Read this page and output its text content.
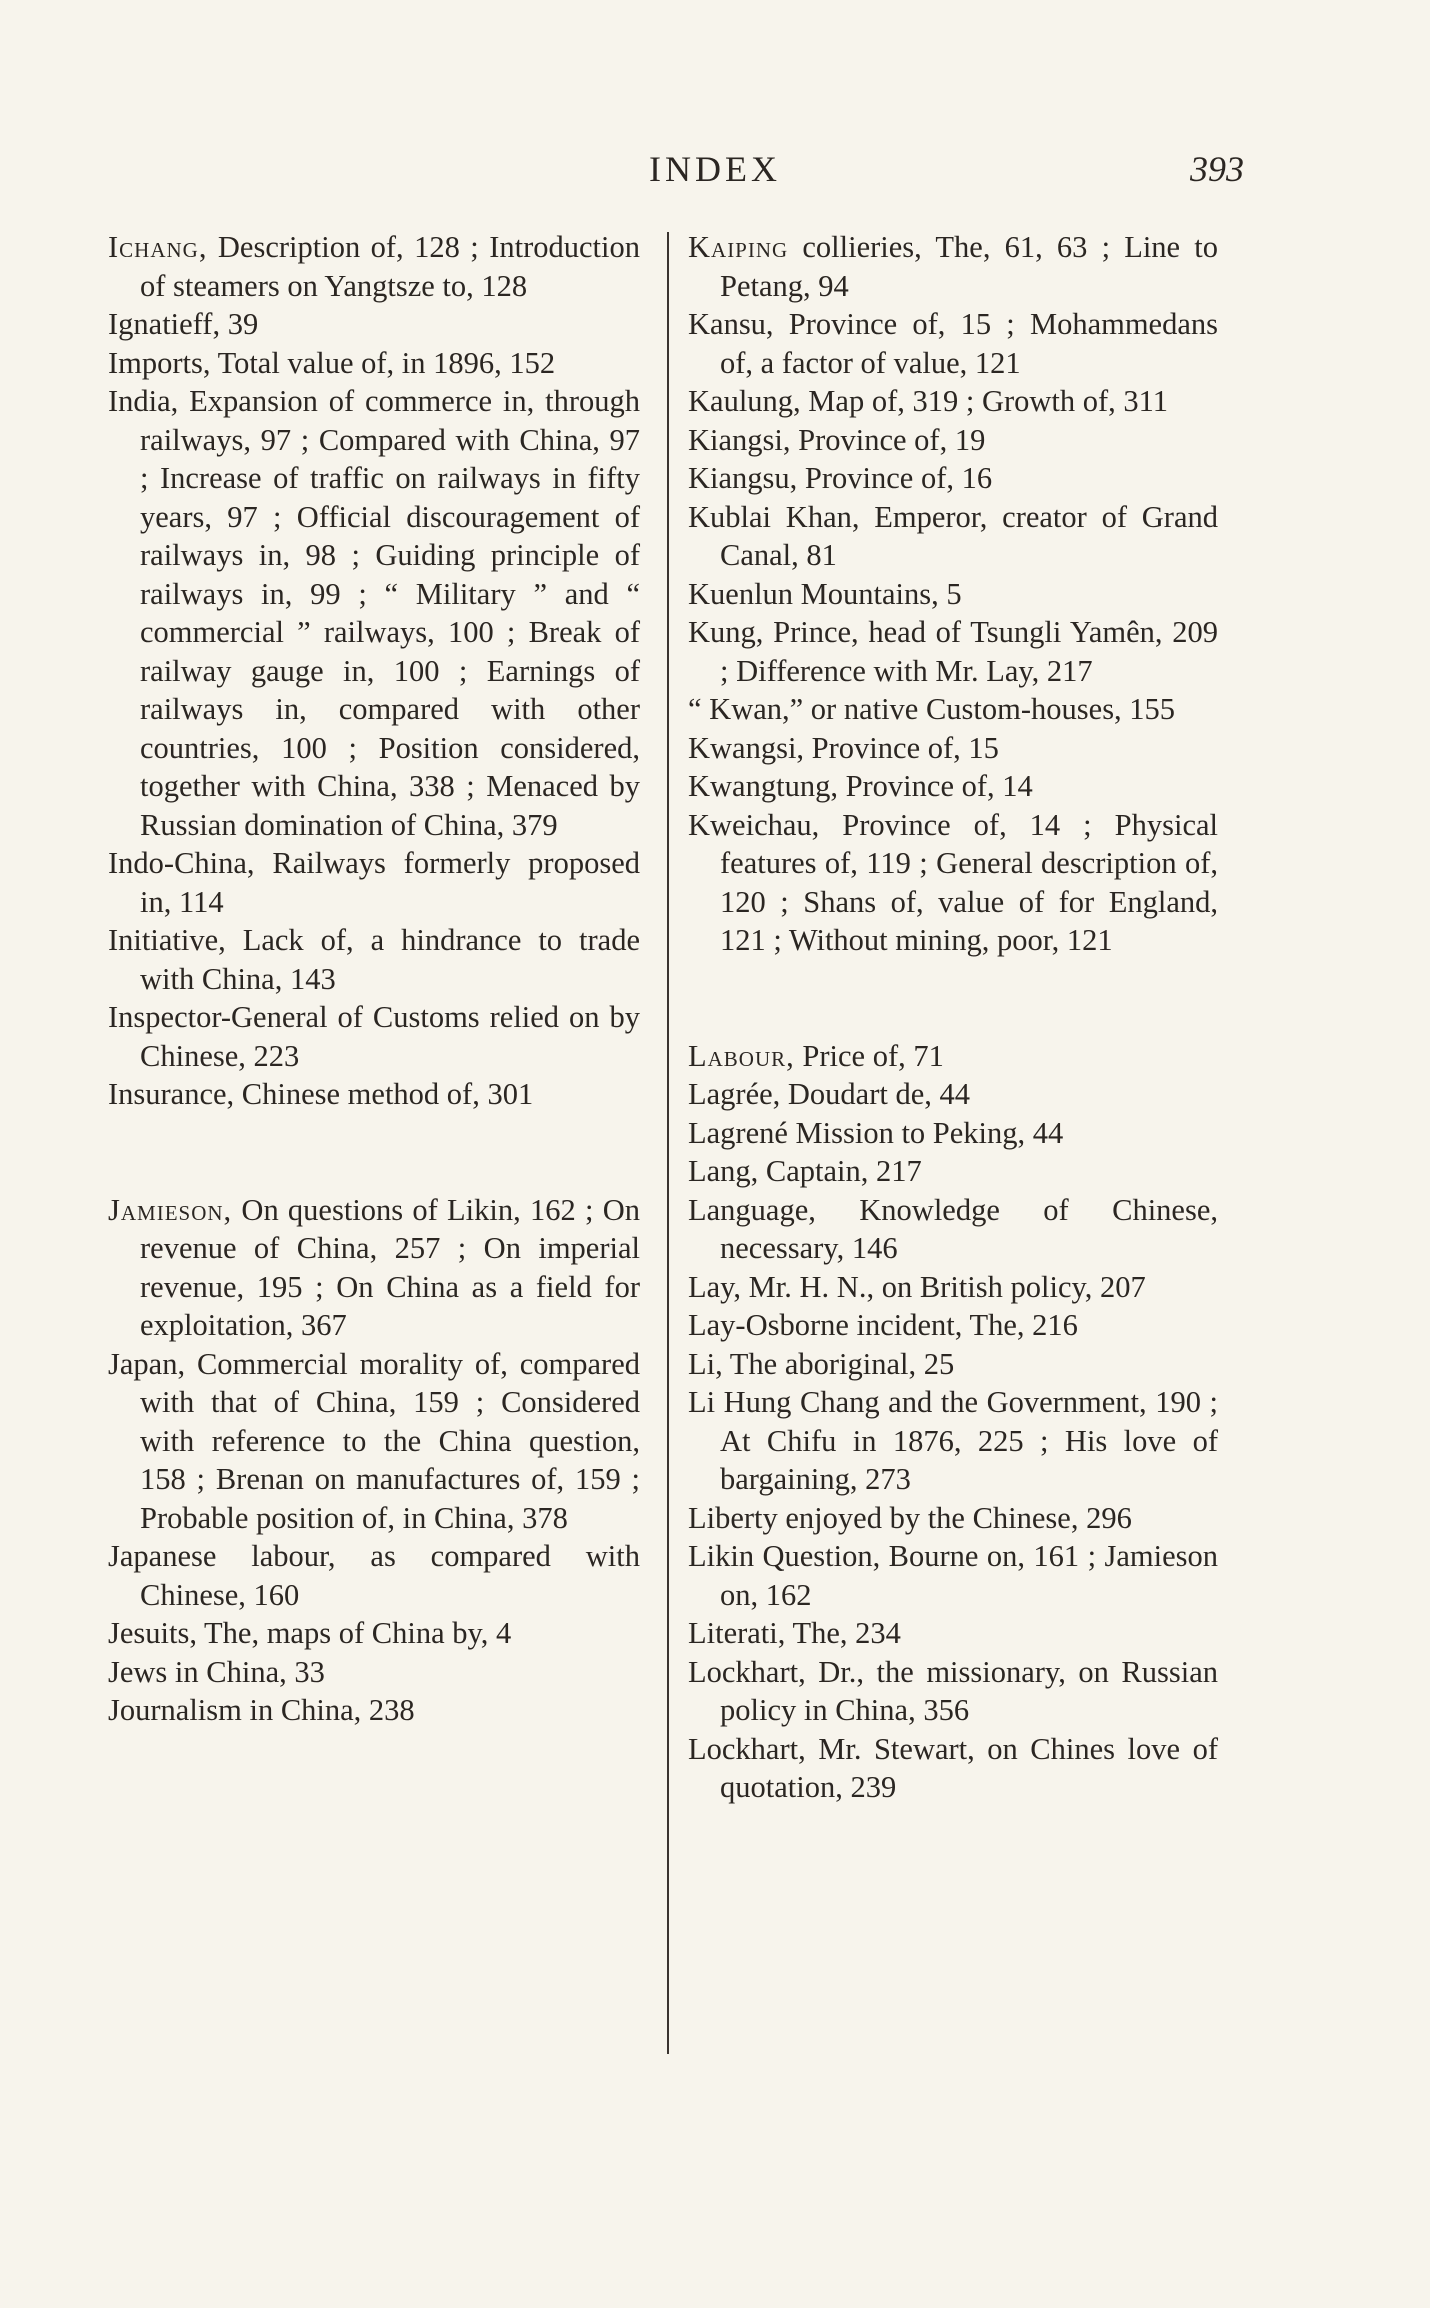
INDEX	393
Ichang, Description of, 128 ; Introduction of steamers on Yangtsze to, 128
Ignatieff, 39
Imports, Total value of, in 1896, 152
India, Expansion of commerce in, through railways, 97 ; Compared with China, 97 ; Increase of traffic on railways in fifty years, 97 ; Official discouragement of railways in, 98 ; Guiding principle of railways in, 99 ; “ Military ” and “ commercial ” railways, 100 ; Break of railway gauge in, 100 ; Earnings of railways in, compared with other countries, 100 ; Position considered, together with China, 338 ; Menaced by Russian domination of China, 379
Indo-China, Railways formerly proposed in, 114
Initiative, Lack of, a hindrance to trade with China, 143
Inspector-General of Customs relied on by Chinese, 223
Insurance, Chinese method of, 301
Jamieson, On questions of Likin, 162 ; On revenue of China, 257 ; On imperial revenue, 195 ; On China as a field for exploitation, 367
Japan, Commercial morality of, compared with that of China, 159 ; Considered with reference to the China question, 158 ; Brenan on manufactures of, 159 ; Probable position of, in China, 378
Japanese labour, as compared with Chinese, 160
Jesuits, The, maps of China by, 4
Jews in China, 33
Journalism in China, 238
Kaiping collieries, The, 61, 63 ; Line to Petang, 94
Kansu, Province of, 15 ; Mohammedans of, a factor of value, 121
Kaulung, Map of, 319 ; Growth of, 311
Kiangsi, Province of, 19
Kiangsu, Province of, 16
Kublai Khan, Emperor, creator of Grand Canal, 81
Kuenlun Mountains, 5
Kung, Prince, head of Tsungli Yamên, 209 ; Difference with Mr. Lay, 217
“ Kwan,” or native Custom-houses, 155
Kwangsi, Province of, 15
Kwangtung, Province of, 14
Kweichau, Province of, 14 ; Physical features of, 119 ; General description of, 120 ; Shans of, value of for England, 121 ; Without mining, poor, 121
Labour, Price of, 71
Lagrée, Doudart de, 44
Lagrené Mission to Peking, 44
Lang, Captain, 217
Language, Knowledge of Chinese, necessary, 146
Lay, Mr. H. N., on British policy, 207
Lay-Osborne incident, The, 216
Li, The aboriginal, 25
Li Hung Chang and the Government, 190 ; At Chifu in 1876, 225 ; His love of bargaining, 273
Liberty enjoyed by the Chinese, 296
Likin Question, Bourne on, 161 ; Jamieson on, 162
Literati, The, 234
Lockhart, Dr., the missionary, on Russian policy in China, 356
Lockhart, Mr. Stewart, on Chines love of quotation, 239
